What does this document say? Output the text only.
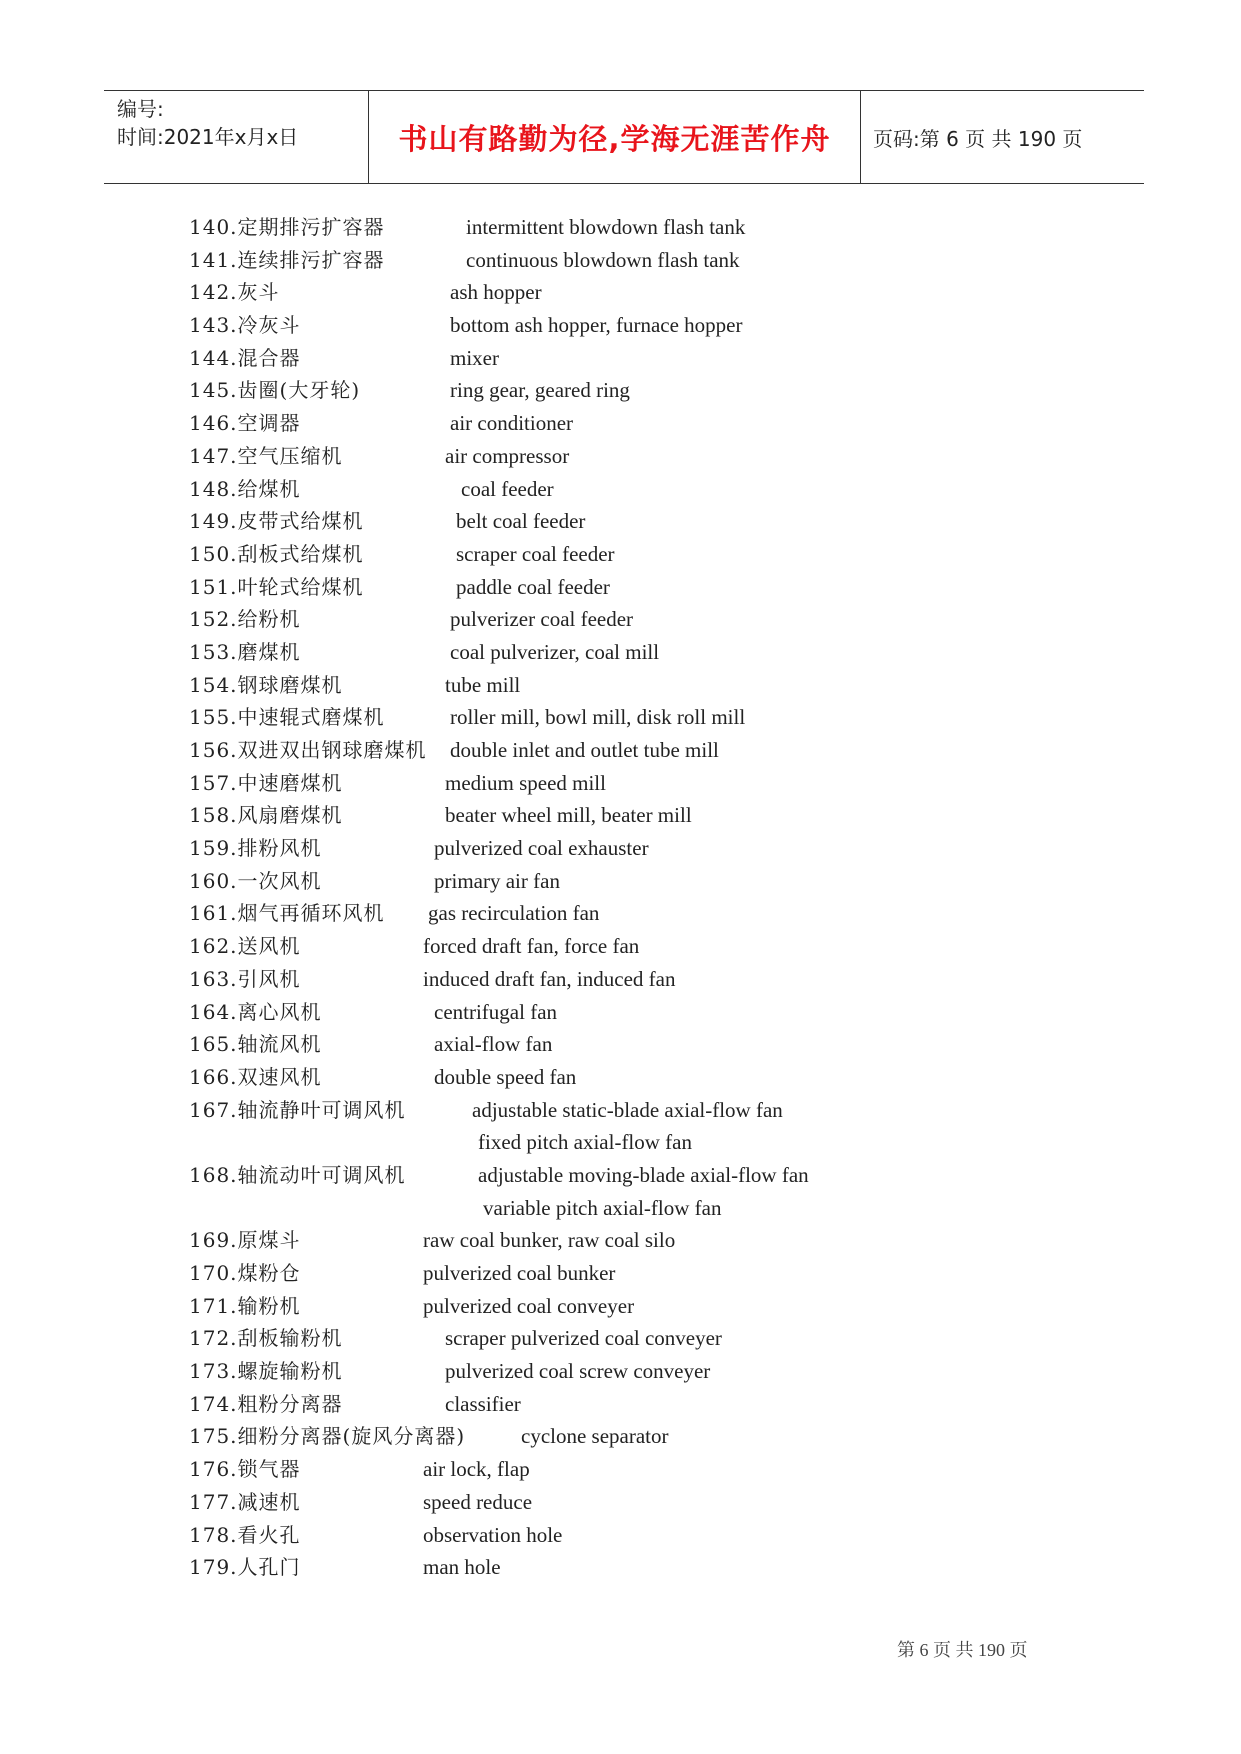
编号:
时间:2021年x月x日	书山有路勤为径,学海无涯苦作舟 页码:第 6 页 共 190 页
140.定期排污扩容器	intermittent blowdown flash tank
141.连续排污扩容器	continuous blowdown flash tank
142.灰斗	ash hopper
143.冷灰斗	bottom ash hopper, furnace hopper
144.混合器	mixer
145.齿圈(大牙轮)	ring gear, geared ring
146.空调器	air conditioner
147.空气压缩机	air compressor
148.给煤机	coal feeder
149.皮带式给煤机	belt coal feeder
150.刮板式给煤机	scraper coal feeder
151.叶轮式给煤机	paddle coal feeder
152.给粉机	pulverizer coal feeder
153.磨煤机	coal pulverizer, coal mill
154.钢球磨煤机	tube mill
155.中速辊式磨煤机	roller mill, bowl mill, disk roll mill
156.双进双出钢球磨煤机 double inlet and outlet tube mill
157.中速磨煤机	medium speed mill
158.风扇磨煤机	beater wheel mill, beater mill
159.排粉风机	pulverized coal exhauster
160.一次风机	primary air fan
161.烟气再循环风机 gas recirculation fan
162.送风机	forced draft fan, force fan
163.引风机	induced draft fan, induced fan
164.离心风机	centrifugal fan
165.轴流风机	axial-flow fan
166.双速风机	double speed fan
167.轴流静叶可调风机	adjustable static-blade axial-flow fan
fixed pitch axial-flow fan
168.轴流动叶可调风机	adjustable moving-blade axial-flow fan
variable pitch axial-flow fan
169.原煤斗	raw coal bunker, raw coal silo
170.煤粉仓	pulverized coal bunker
171.输粉机	pulverized coal conveyer
172.刮板输粉机	scraper pulverized coal conveyer
173.螺旋输粉机	pulverized coal screw conveyer
174.粗粉分离器	classifier
175.细粉分离器(旋风分离器)	cyclone separator
176.锁气器	air lock, flap
177.减速机	speed reduce
178.看火孔	observation hole
179.人孔门	man hole
第 6 页 共 190 页
